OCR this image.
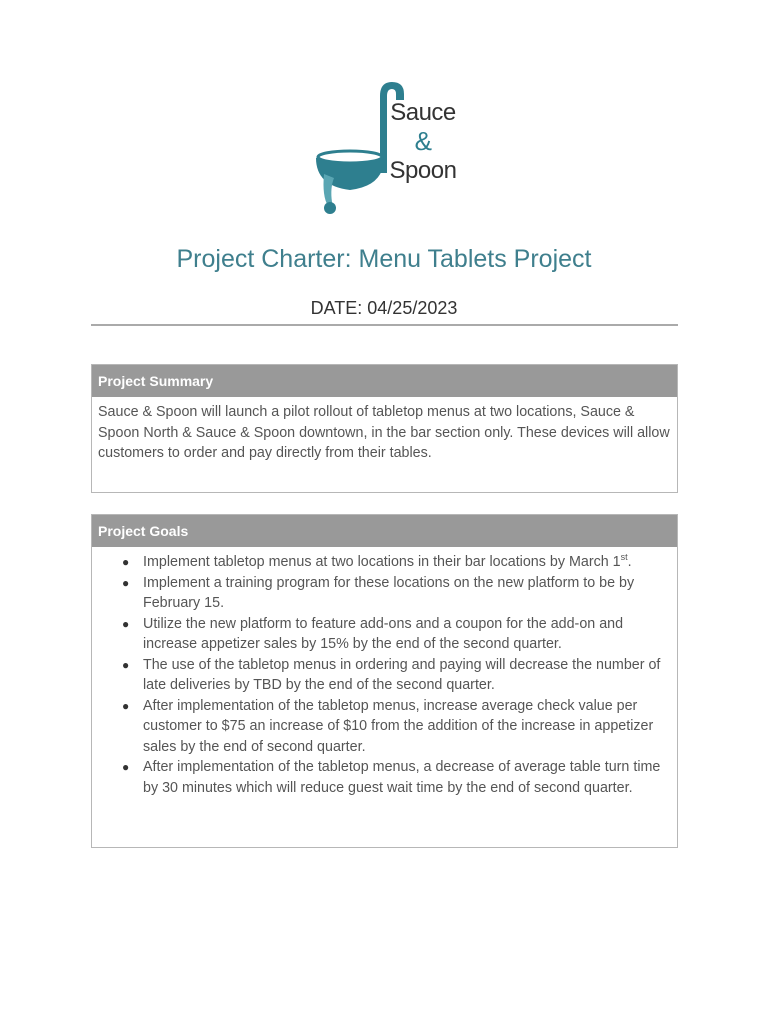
Sauce
&
Spoon
Project Charter: Menu Tablets Project
DATE: 04/25/2023
Project Summary
Sauce & Spoon will launch a pilot rollout of tabletop menus at two locations, Sauce & Spoon North & Sauce & Spoon downtown, in the bar section only. These devices will allow customers to order and pay directly from their tables.
Project Goals
● Implement tabletop menus at two locations in their bar locations by March 1st.
● Implement a training program for these locations on the new platform to be by February 15.
● Utilize the new platform to feature add-ons and a coupon for the add-on and increase appetizer sales by 15% by the end of the second quarter.
● The use of the tabletop menus in ordering and paying will decrease the number of late deliveries by TBD by the end of the second quarter.
● After implementation of the tabletop menus, increase average check value per customer to $75 an increase of $10 from the addition of the increase in appetizer sales by the end of second quarter.
● After implementation of the tabletop menus, a decrease of average table turn time by 30 minutes which will reduce guest wait time by the end of second quarter.
